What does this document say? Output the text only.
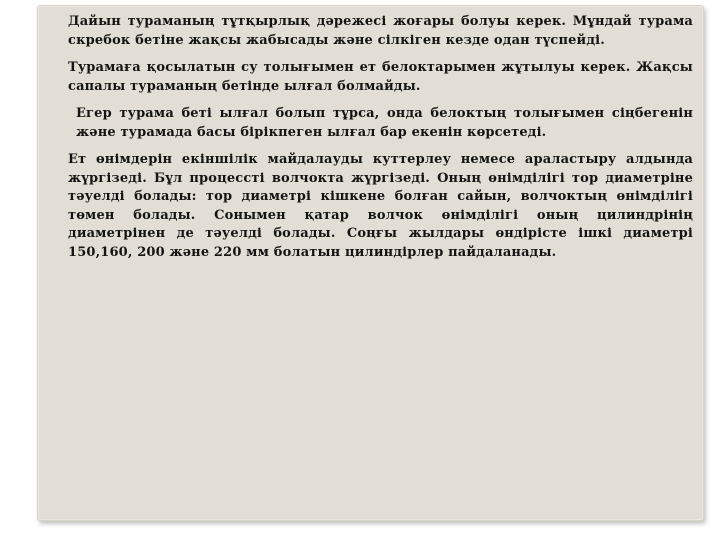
Дайын тураманың тұтқырлық дәрежесі жоғары болуы керек. Мұндай турама скребок бетіне жақсы жабысады және сілкіген кезде одан түспейді.

Турамаға қосылатын су толығымен ет белоктарымен жұтылуы керек. Жақсы сапалы тураманың бетінде ылғал болмайды.

Егер турама беті ылғал болып тұрса, онда белоктың толығымен сіңбегенін және турамада басы бірікпеген ылғал бар екенін көрсетеді.

Ет өнімдерін екіншілік майдалауды куттерлеу немесе араластыру алдында жүргізеді. Бұл процессті волчокта жүргізеді. Оның өнімділігі тор диаметріне тәуелді болады: тор диаметрі кішкене болған сайын, волчоктың өнімділігі төмен болады. Сонымен қатар волчок өнімділігі оның цилиндрінің диаметрінен де тәуелді болады. Соңғы жылдары өндірісте ішкі диаметрі 150,160, 200 және 220 мм болатын цилиндірлер пайдаланады.
